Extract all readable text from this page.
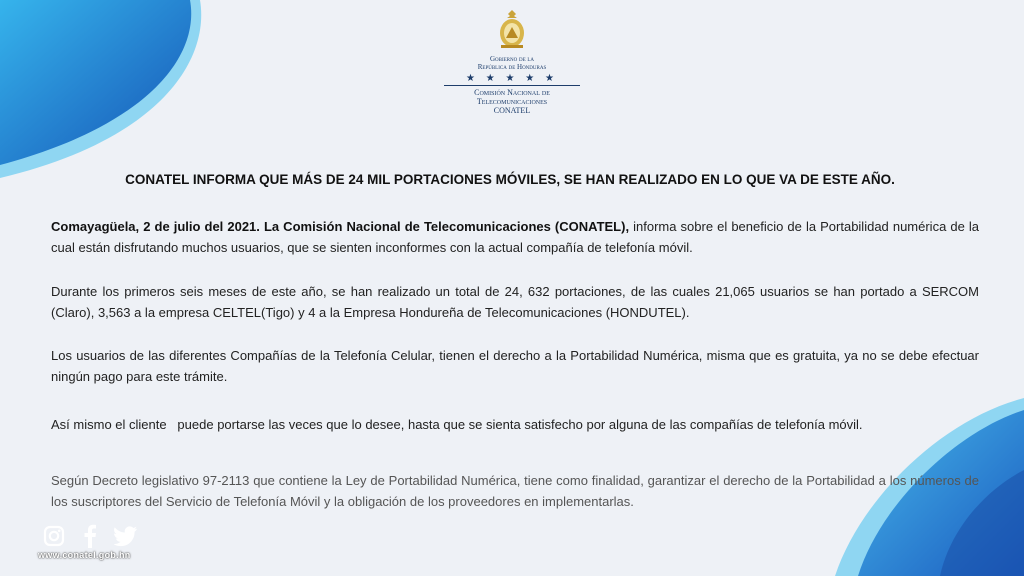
Gobierno de la
República de Honduras
★ ★ ★ ★ ★
Comisión Nacional de
Telecomunicaciones
CONATEL
CONATEL INFORMA QUE MÁS DE 24 MIL PORTACIONES MÓVILES, SE HAN REALIZADO EN LO QUE VA DE ESTE AÑO.
Comayagüela, 2 de julio del 2021. La Comisión Nacional de Telecomunicaciones (CONATEL), informa sobre el beneficio de la Portabilidad numérica de la cual están disfrutando muchos usuarios, que se sienten inconformes con la actual compañía de telefonía móvil.
Durante los primeros seis meses de este año, se han realizado un total de 24, 632 portaciones, de las cuales 21,065 usuarios se han portado a SERCOM (Claro), 3,563 a la empresa CELTEL(Tigo) y 4 a la Empresa Hondureña de Telecomunicaciones (HONDUTEL).
Los usuarios de las diferentes Compañías de la Telefonía Celular, tienen el derecho a la Portabilidad Numérica, misma que es gratuita, ya no se debe efectuar ningún pago para este trámite.
Así mismo el cliente   puede portarse las veces que lo desee, hasta que se sienta satisfecho por alguna de las compañías de telefonía móvil.
Según Decreto legislativo 97-2113 que contiene la Ley de Portabilidad Numérica, tiene como finalidad, garantizar el derecho de la Portabilidad a los números de los suscriptores del Servicio de Telefonía Móvil y la obligación de los proveedores en implementarlas.
www.conatel.gob.hn
